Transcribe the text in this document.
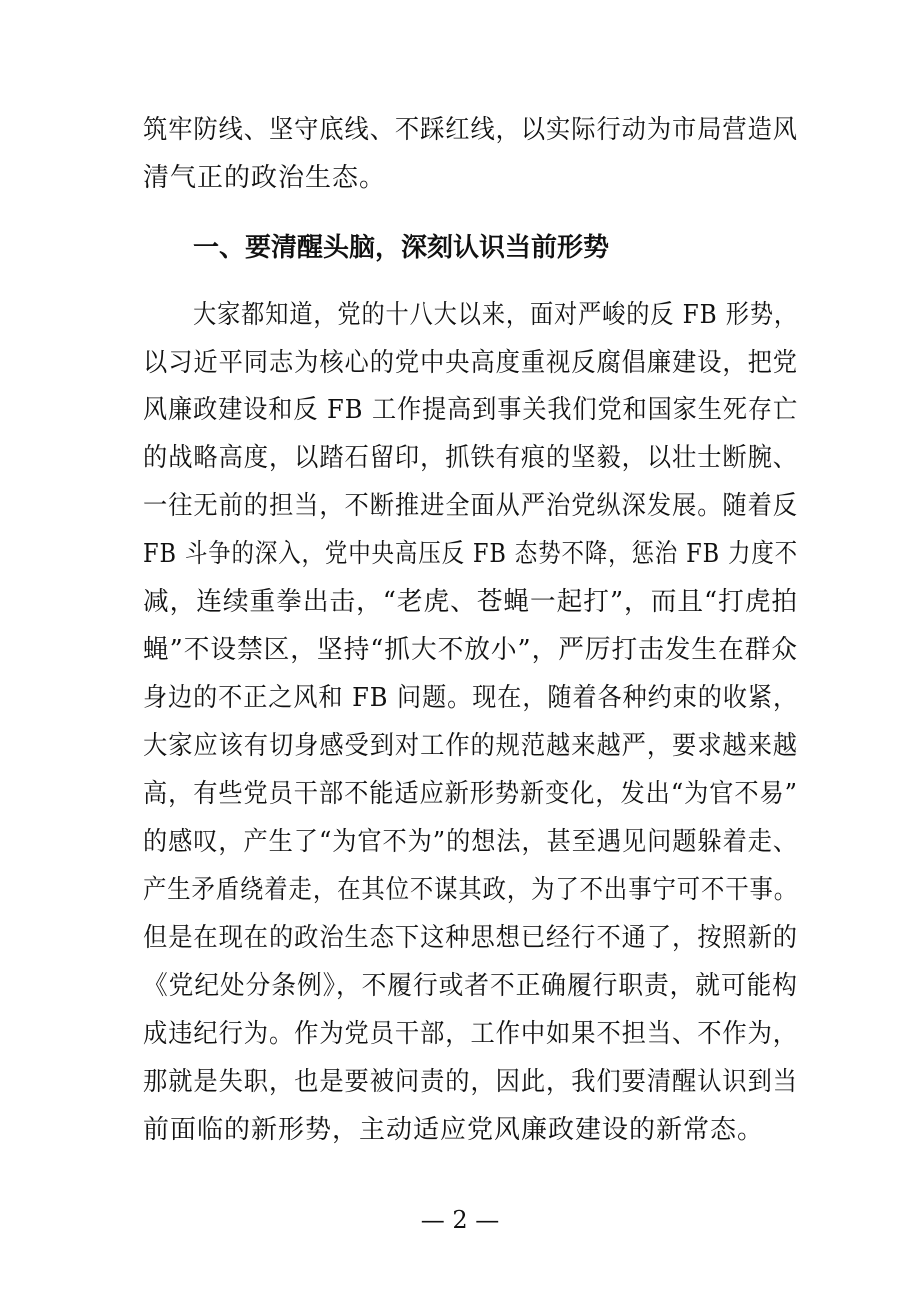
筑牢防线、坚守底线、不踩红线，以实际行动为市局营造风
清气正的政治生态。
一、要清醒头脑，深刻认识当前形势
大家都知道，党的十八大以来，面对严峻的反 FB 形势，
以习近平同志为核心的党中央高度重视反腐倡廉建设，把党
风廉政建设和反 FB 工作提高到事关我们党和国家生死存亡
的战略高度，以踏石留印，抓铁有痕的坚毅，以壮士断腕、
一往无前的担当，不断推进全面从严治党纵深发展。随着反
FB 斗争的深入，党中央高压反 FB 态势不降，惩治 FB 力度不
减，连续重拳出击，“老虎、苍蝇一起打”，而且“打虎拍
蝇”不设禁区，坚持“抓大不放小”，严厉打击发生在群众
身边的不正之风和 FB 问题。现在，随着各种约束的收紧，
大家应该有切身感受到对工作的规范越来越严，要求越来越
高，有些党员干部不能适应新形势新变化，发出“为官不易”
的感叹，产生了“为官不为”的想法，甚至遇见问题躲着走、
产生矛盾绕着走，在其位不谋其政，为了不出事宁可不干事。
但是在现在的政治生态下这种思想已经行不通了，按照新的
《党纪处分条例》，不履行或者不正确履行职责，就可能构
成违纪行为。作为党员干部，工作中如果不担当、不作为，
那就是失职，也是要被问责的，因此，我们要清醒认识到当
前面临的新形势，主动适应党风廉政建设的新常态。
— 2 —
